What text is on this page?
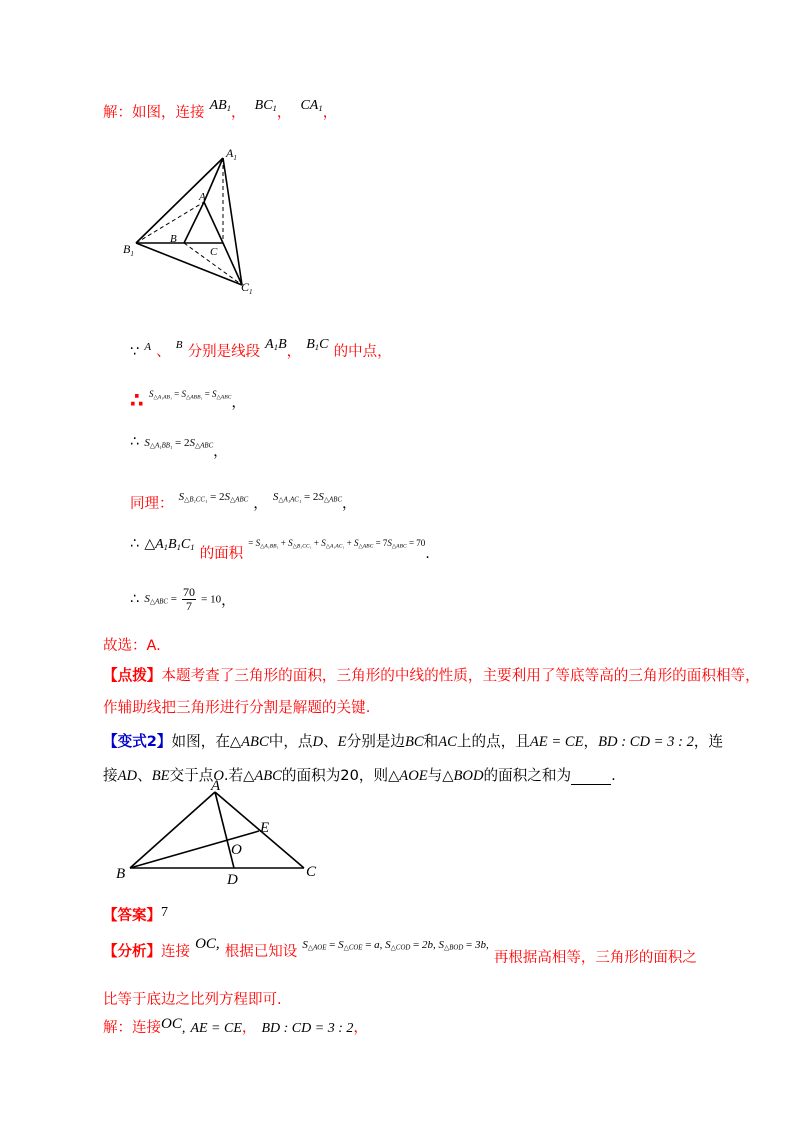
解：如图，连接 $AB_1$， $BC_1$， $CA_1$，
$A_1$
A
B
C
$B_1$
$C_1$
∵ $^A$ 、 $^B$ 分别是线段 $A_1B$， $B_1C$ 的中点，
∴ $S_{\triangle A_1AB_1} = S_{\triangle ABB_1} = S_{\triangle ABC}$，
∴ $S_{\triangle A_1BB_1} = 2S_{\triangle ABC}$，
同理： $S_{\triangle B_1CC_1} = 2S_{\triangle ABC}$ ， $S_{\triangle A_1AC_1} = 2S_{\triangle ABC}$，
∴ $\triangle A_1B_1C_1$ 的面积 = $S_{\triangle A_1BB_1} + S_{\triangle B_1CC_1} + S_{\triangle A_1AC_1} + S_{\triangle ABC} = 7S_{\triangle ABC} = 70$.
∴ $S_{\triangle ABC} = \frac{70}{7} = 10$，
故选：A.
【点拨】本题考查了三角形的面积，三角形的中线的性质，主要利用了等底等高的三角形的面积相等，
作辅助线把三角形进行分割是解题的关键.
【变式2】如图，在△ABC中，点D、E分别是边BC和AC上的点，且AE = CE，BD : CD = 3 : 2，连
接AD、BE交于点O.若△ABC的面积为20，则△AOE与△BOD的面积之和为	.
A
B	C
D
E
O
【答案】7
【分析】连接 OC, 根据已知设 $^{S_{\triangle AOE} = S_{\triangle COE} = a, S_{\triangle COD} = 2b, S_{\triangle BOD} = 3b,}$ 再根据高相等，三角形的面积之
比等于底边之比列方程即可.
解：连接OC, AE = CE， BD : CD = 3 : 2，
